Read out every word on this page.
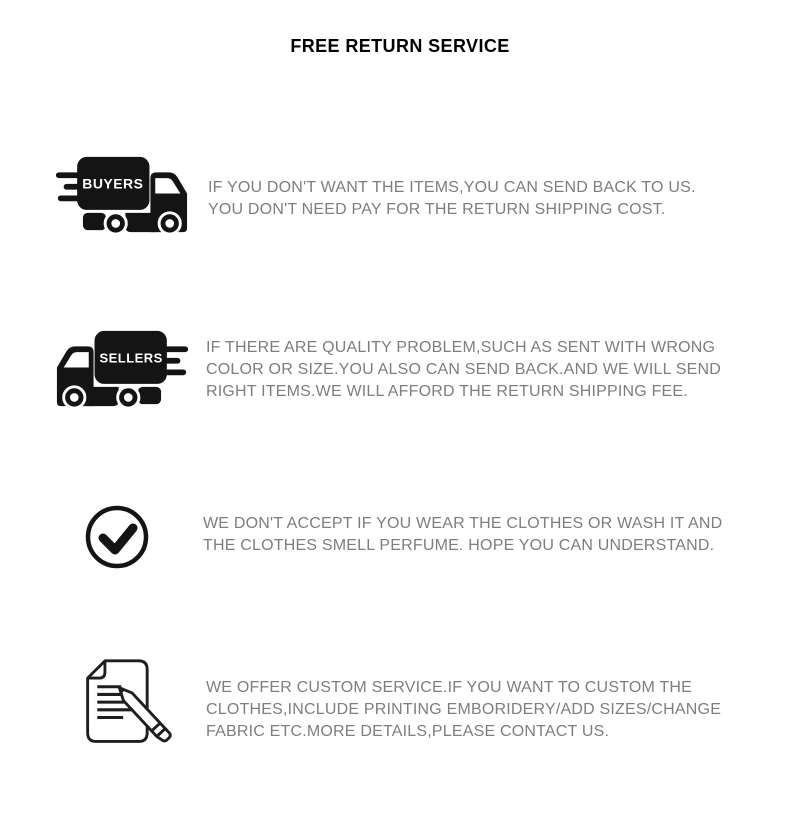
FREE RETURN SERVICE
BUYERS	IF YOU DON'T WANT THE ITEMS,YOU CAN SEND BACK TO US.
YOU DON'T NEED PAY FOR THE RETURN SHIPPING COST.
SELLERS
IF THERE ARE QUALITY PROBLEM,SUCH AS SENT WITH WRONG
COLOR OR SIZE.YOU ALSO CAN SEND BACK.AND WE WILL SEND
RIGHT ITEMS.WE WILL AFFORD THE RETURN SHIPPING FEE.
WE DON'T ACCEPT IF YOU WEAR THE CLOTHES OR WASH IT AND
THE CLOTHES SMELL PERFUME. HOPE YOU CAN UNDERSTAND.
WE OFFER CUSTOM SERVICE.IF YOU WANT TO CUSTOM THE
CLOTHES,INCLUDE PRINTING EMBORIDERY/ADD SIZES/CHANGE
FABRIC ETC.MORE DETAILS,PLEASE CONTACT US.
